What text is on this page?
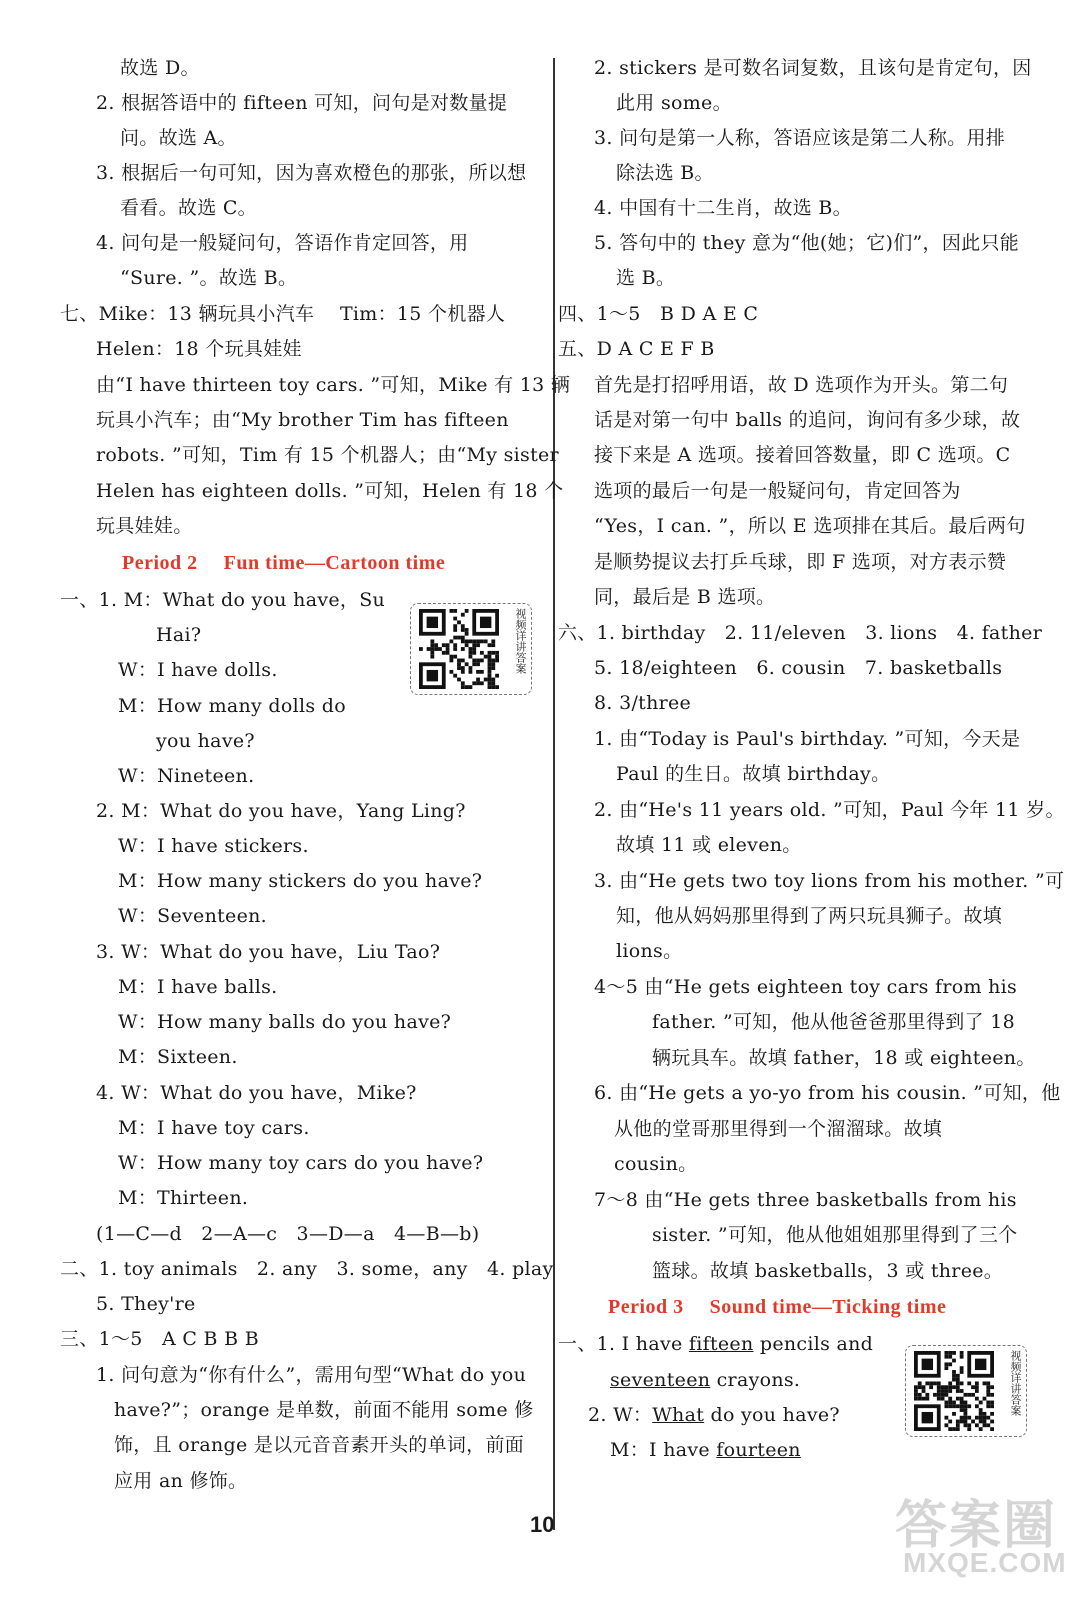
Period 2 Fun time—Cartoon time
Period 3 Sound time—Ticking time
视频详讲答案
视频详讲答案
一、1. I have fifteen pencils and
seventeen crayons.
2. W：What do you have?
M：I have fourteen
10	答案圈
MXQE.COM
故选 D。
2. 根据答语中的 fifteen 可知，问句是对数量提
问。故选 A。
3. 根据后一句可知，因为喜欢橙色的那张，所以想
看看。故选 C。
4. 问句是一般疑问句，答语作肯定回答，用
“Sure. ”。故选 B。
七、Mike：13 辆玩具小汽车　 Tim：15 个机器人
Helen：18 个玩具娃娃
由“I have thirteen toy cars. ”可知，Mike 有 13 辆
玩具小汽车；由“My brother Tim has fifteen
robots. ”可知，Tim 有 15 个机器人；由“My sister
Helen has eighteen dolls. ”可知，Helen 有 18 个
玩具娃娃。
一、1. M：What do you have，Su
Hai?
W：I have dolls.
M：How many dolls do
you have?
W：Nineteen.
2. M：What do you have，Yang Ling?
W：I have stickers.
M：How many stickers do you have?
W：Seventeen.
3. W：What do you have，Liu Tao?
M：I have balls.
W：How many balls do you have?
M：Sixteen.
4. W：What do you have，Mike?
M：I have toy cars.
W：How many toy cars do you have?
M：Thirteen.
(1—C—d　2—A—c　3—D—a　4—B—b)
二、1. toy animals　2. any　3. some，any　4. play
5. They're
三、1～5　A C B B B
1. 问句意为“你有什么”，需用句型“What do you
have?”；orange 是单数，前面不能用 some 修
饰，且 orange 是以元音音素开头的单词，前面
应用 an 修饰。
2. stickers 是可数名词复数，且该句是肯定句，因
此用 some。
3. 问句是第一人称，答语应该是第二人称。用排
除法选 B。
4. 中国有十二生肖，故选 B。
5. 答句中的 they 意为“他(她；它)们”，因此只能
选 B。
四、1～5　B D A E C
五、D A C E F B
首先是打招呼用语，故 D 选项作为开头。第二句
话是对第一句中 balls 的追问，询问有多少球，故
接下来是 A 选项。接着回答数量，即 C 选项。C
选项的最后一句是一般疑问句，肯定回答为
“Yes，I can. ”，所以 E 选项排在其后。最后两句
是顺势提议去打乒乓球，即 F 选项，对方表示赞
同，最后是 B 选项。
六、1. birthday　2. 11/eleven　3. lions　4. father
5. 18/eighteen　6. cousin　7. basketballs
8. 3/three
1. 由“Today is Paul's birthday. ”可知，今天是
Paul 的生日。故填 birthday。
2. 由“He's 11 years old. ”可知，Paul 今年 11 岁。
故填 11 或 eleven。
3. 由“He gets two toy lions from his mother. ”可
知，他从妈妈那里得到了两只玩具狮子。故填
lions。
4～5 由“He gets eighteen toy cars from his
father. ”可知，他从他爸爸那里得到了 18
辆玩具车。故填 father，18 或 eighteen。
6. 由“He gets a yo-yo from his cousin. ”可知，他
从他的堂哥那里得到一个溜溜球。故填
cousin。
7～8 由“He gets three basketballs from his
sister. ”可知，他从他姐姐那里得到了三个
篮球。故填 basketballs，3 或 three。
